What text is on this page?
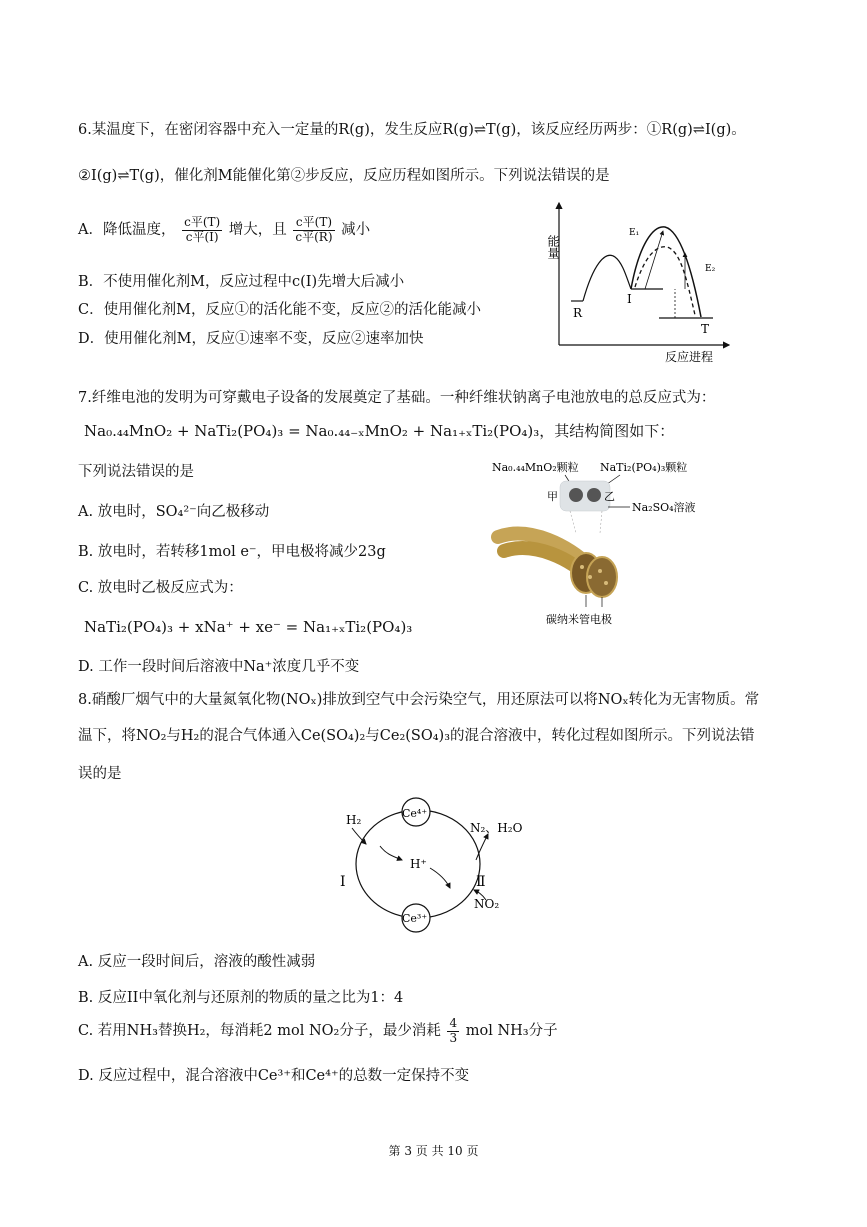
6.某温度下，在密闭容器中充入一定量的R(g)，发生反应R(g)⇌T(g)，该反应经历两步：①R(g)⇌I(g)。
②I(g)⇌T(g)，催化剂M能催化第②步反应，反应历程如图所示。下列说法错误的是
A．降低温度， $\frac{\text{c平(T)}}{\text{c平(I)}}$ 增大，且 $\frac{\text{c平(T)}}{\text{c平(R)}}$ 减小
B．不使用催化剂M，反应过程中c(I)先增大后减小
C．使用催化剂M，反应①的活化能不变，反应②的活化能减小
D．使用催化剂M，反应①速率不变，反应②速率加快
能量
R
I
T
E₁
E₂
反应进程
7.纤维电池的发明为可穿戴电子设备的发展奠定了基础。一种纤维状钠离子电池放电的总反应式为：
Na₀.₄₄MnO₂ + NaTi₂(PO₄)₃ = Na₀.₄₄₋ₓMnO₂ + Na₁₊ₓTi₂(PO₄)₃，其结构简图如下：
下列说法错误的是
A. 放电时，SO₄²⁻向乙极移动
B. 放电时，若转移1mol e⁻，甲电极将减少23g
C. 放电时乙极反应式为：
NaTi₂(PO₄)₃ + xNa⁺ + xe⁻ = Na₁₊ₓTi₂(PO₄)₃
D. 工作一段时间后溶液中Na⁺浓度几乎不变
Na₀.₄₄MnO₂颗粒 NaTi₂(PO₄)₃颗粒
甲	乙
Na₂SO₄溶液
碳纳米管电极
8.硝酸厂烟气中的大量氮氧化物(NOₓ)排放到空气中会污染空气，用还原法可以将NOₓ转化为无害物质。常
温下，将NO₂与H₂的混合气体通入Ce(SO₄)₂与Ce₂(SO₄)₃的混合溶液中，转化过程如图所示。下列说法错
误的是
Ce⁴⁺
Ce³⁺
H⁺
H₂
I	Ⅱ
N₂、H₂O
NO₂
A. 反应一段时间后，溶液的酸性减弱
B. 反应II中氧化剂与还原剂的物质的量之比为1：4
C. 若用NH₃替换H₂，每消耗2 mol NO₂分子，最少消耗 $\frac{4}{3}$ mol NH₃分子
D. 反应过程中，混合溶液中Ce³⁺和Ce⁴⁺的总数一定保持不变
第 3 页 共 10 页
